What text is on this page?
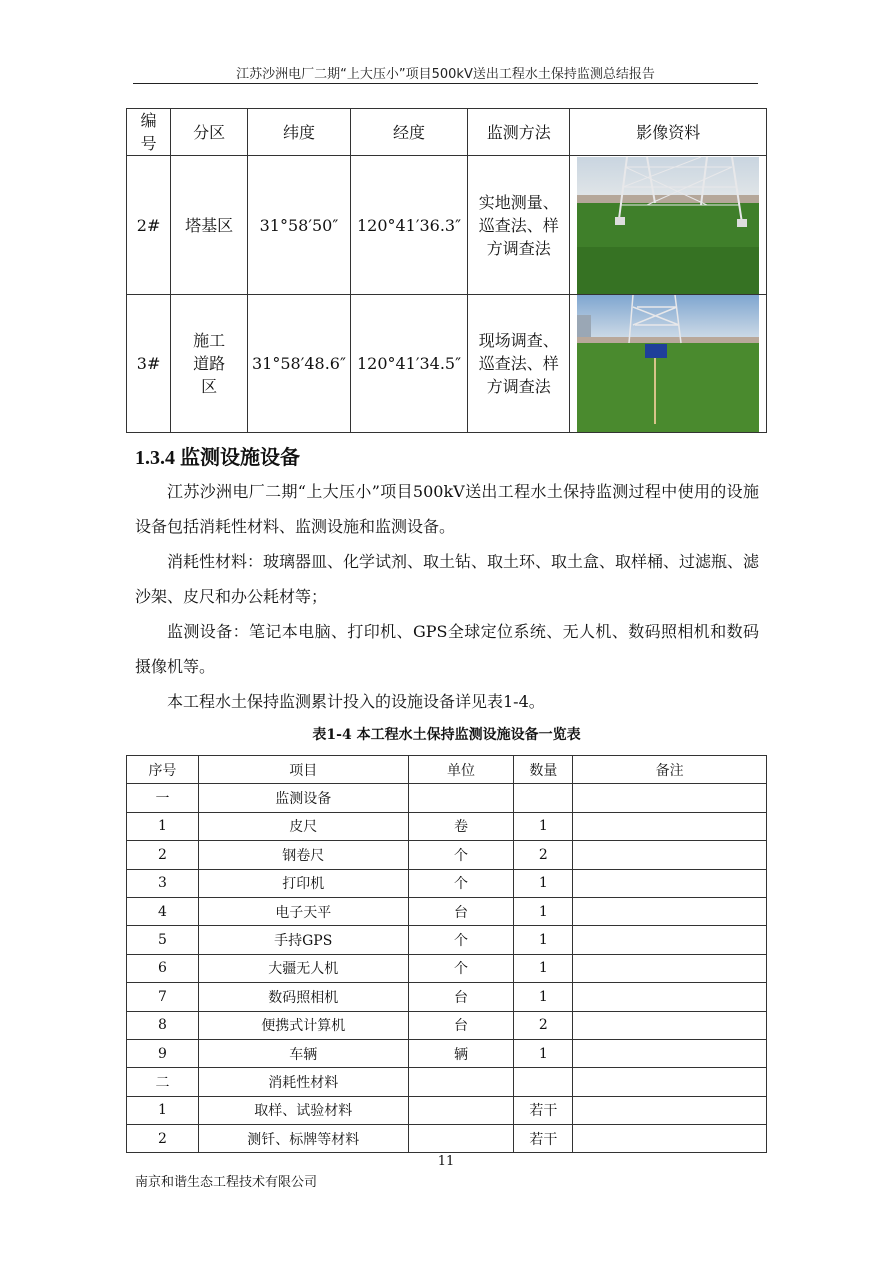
江苏沙洲电厂二期“上大压小”项目500kV送出工程水土保持监测总结报告
编号	分区	纬度	经度	监测方法	影像资料
2#	塔基区	31°58′50″	120°41′36.3″	实地测量、巡查法、样方调查法	

3#	施工道路区	31°58′48.6″	120°41′34.5″	现场调查、巡查法、样方调查法	
1.3.4 监测设施设备

江苏沙洲电厂二期“上大压小”项目500kV送出工程水土保持监测过程中使用的设施设备包括消耗性材料、监测设施和监测设备。

消耗性材料：玻璃器皿、化学试剂、取土钻、取土环、取土盒、取样桶、过滤瓶、滤沙架、皮尺和办公耗材等；

监测设备：笔记本电脑、打印机、GPS全球定位系统、无人机、数码照相机和数码摄像机等。

本工程水土保持监测累计投入的设施设备详见表1-4。

表1-4 本工程水土保持监测设施设备一览表
序号	项目	单位	数量	备注
一	监测设备			
1	皮尺	卷	1	
2	钢卷尺	个	2	
3	打印机	个	1	
4	电子天平	台	1	
5	手持GPS	个	1	
6	大疆无人机	个	1	
7	数码照相机	台	1	
8	便携式计算机	台	2	
9	车辆	辆	1	
二	消耗性材料			
1	取样、试验材料		若干	
2	测钎、标牌等材料		若干	
11
南京和谐生态工程技术有限公司
